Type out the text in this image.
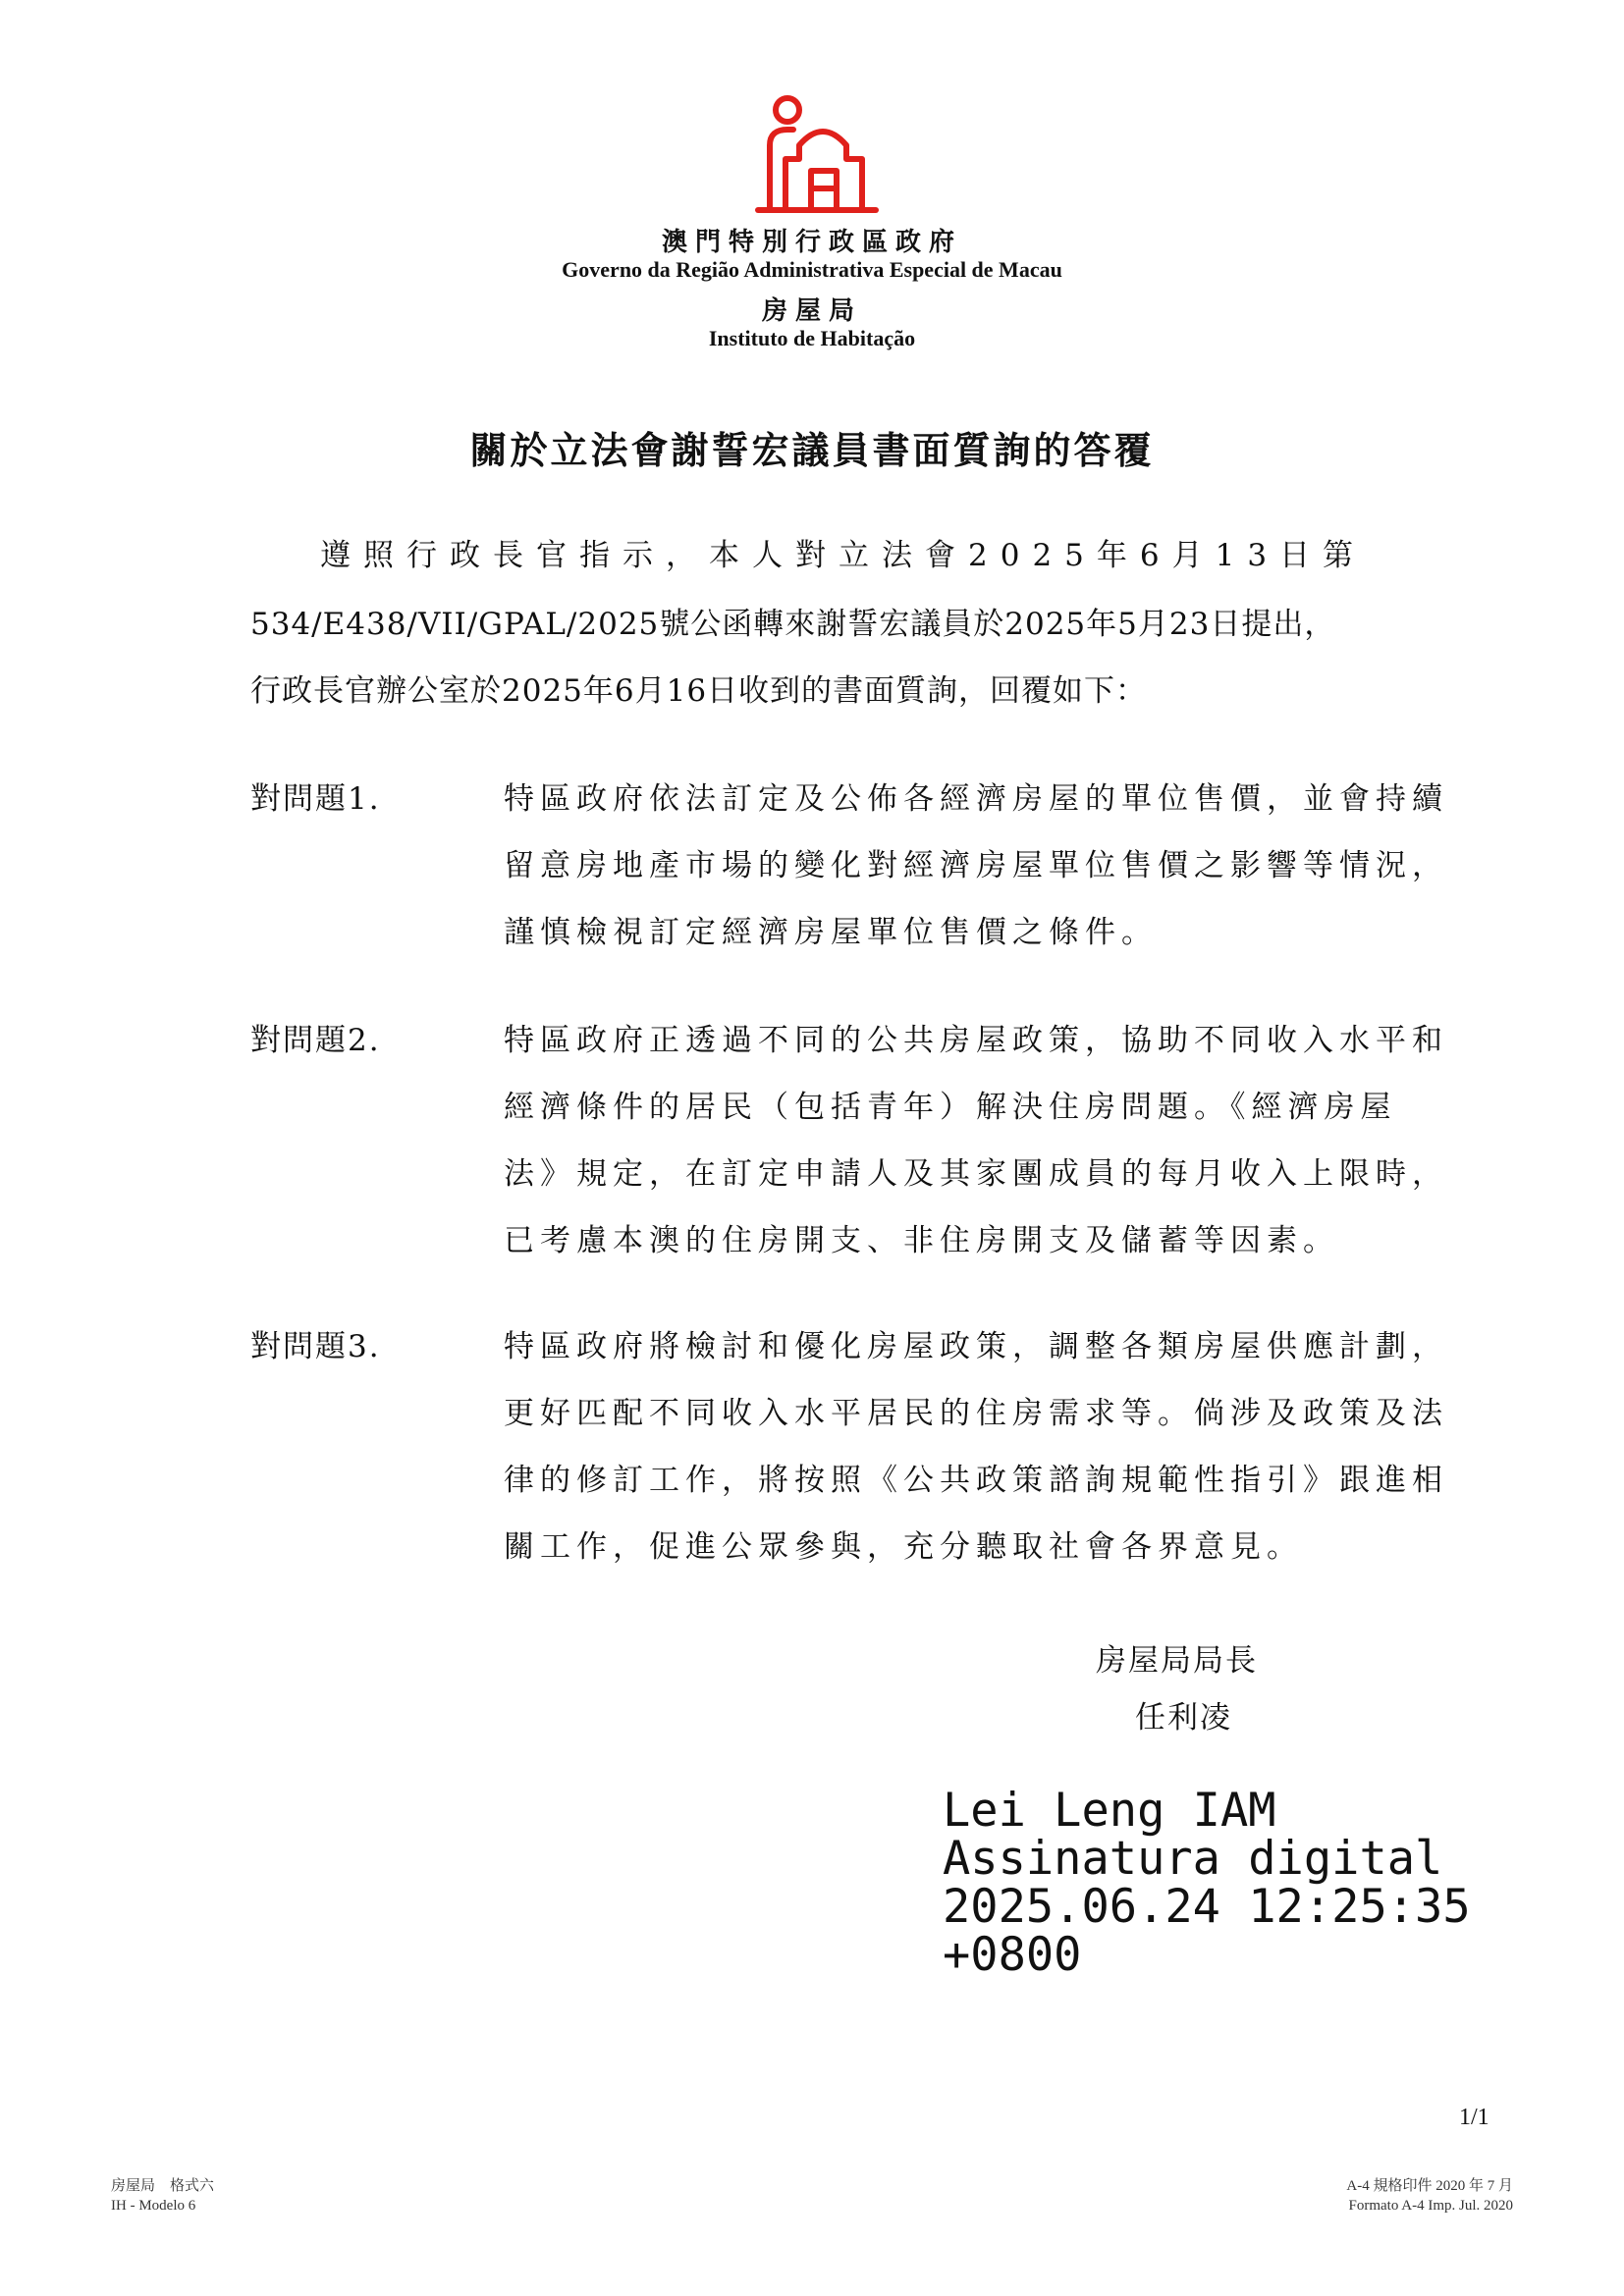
澳門特別行政區政府
Governo da Região Administrativa Especial de Macau
房屋局
Instituto de Habitação
關於立法會謝誓宏議員書面質詢的答覆
遵照行政長官指示，本人對立法會2025年6月13日第
534/E438/VII/GPAL/2025號公函轉來謝誓宏議員於2025年5月23日提出，
行政長官辦公室於2025年6月16日收到的書面質詢，回覆如下：
對問題1.	特區政府依法訂定及公佈各經濟房屋的單位售價，並會持續
留意房地產市場的變化對經濟房屋單位售價之影響等情況，
謹慎檢視訂定經濟房屋單位售價之條件。
對問題2.	特區政府正透過不同的公共房屋政策，協助不同收入水平和
經濟條件的居民（包括青年）解決住房問題。《經濟房屋
法》規定，在訂定申請人及其家團成員的每月收入上限時，
已考慮本澳的住房開支、非住房開支及儲蓄等因素。
對問題3.	特區政府將檢討和優化房屋政策，調整各類房屋供應計劃，
更好匹配不同收入水平居民的住房需求等。倘涉及政策及法
律的修訂工作，將按照《公共政策諮詢規範性指引》跟進相
關工作，促進公眾參與，充分聽取社會各界意見。
房屋局局長
任利凌
Lei Leng IAM
Assinatura digital
2025.06.24 12:25:35
+0800
1/1
房屋局　格式六
IH - Modelo 6
A-4 規格印件 2020 年 7 月
Formato A-4 Imp. Jul. 2020
